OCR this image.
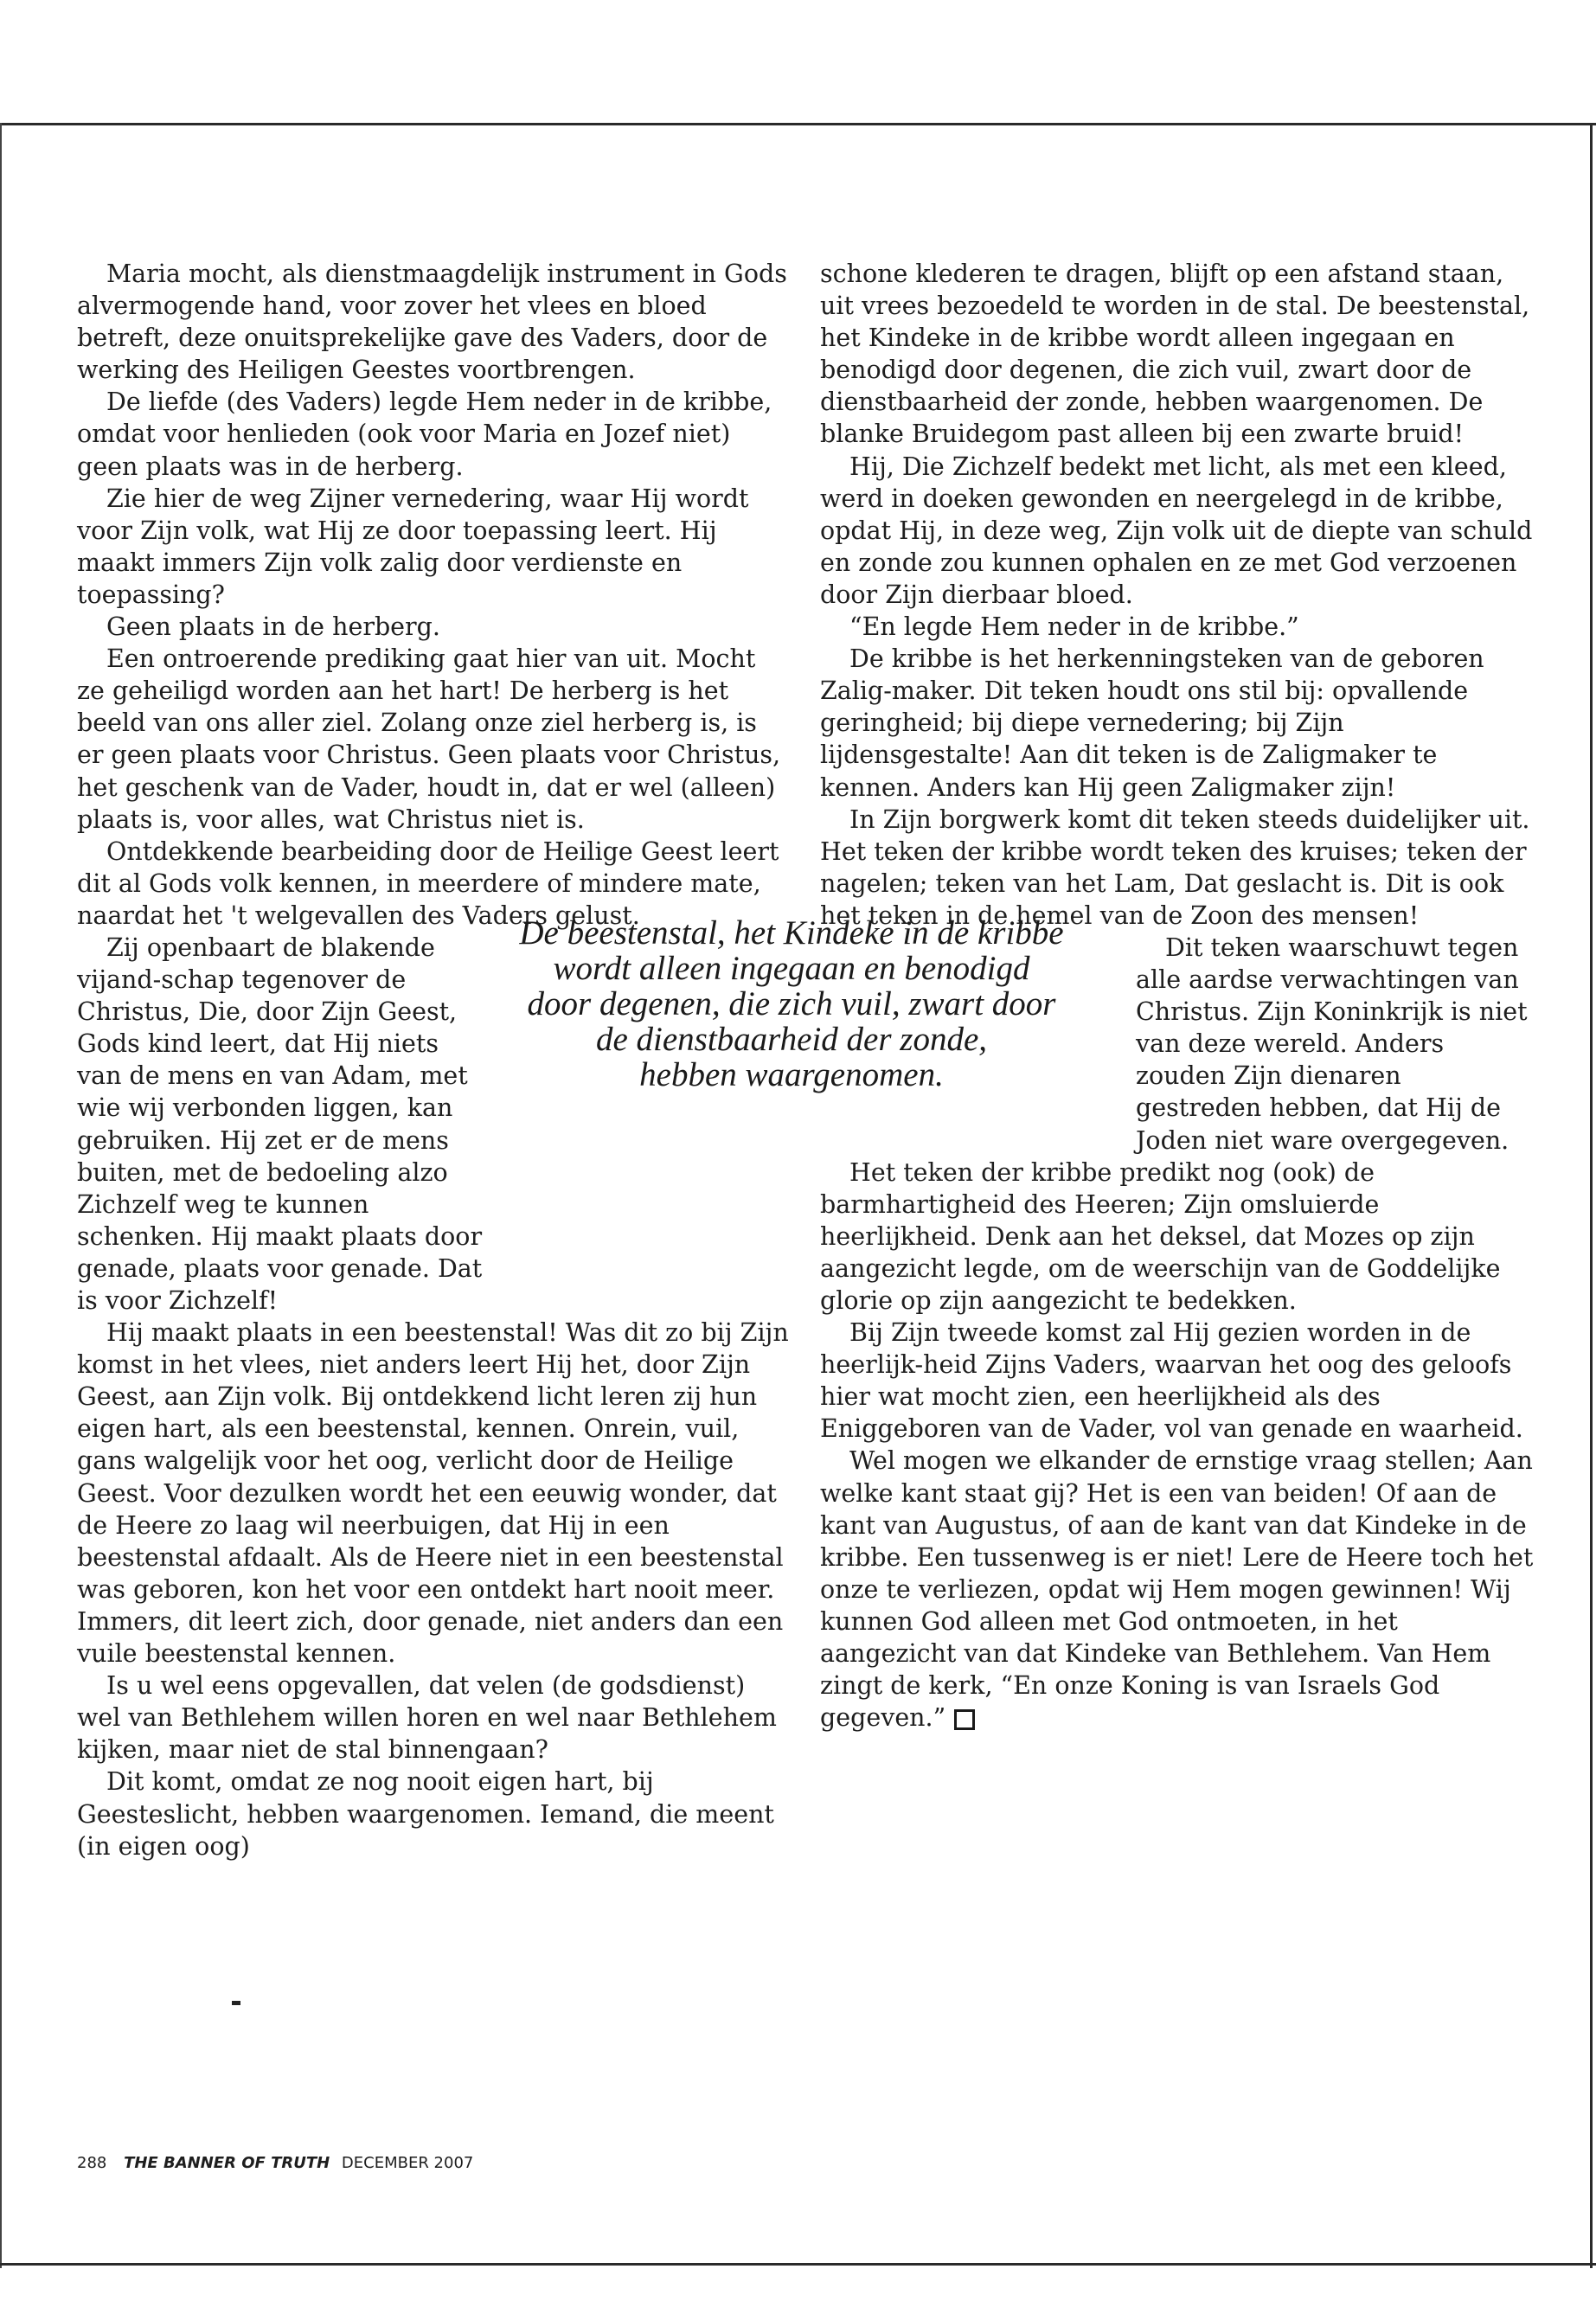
Maria mocht, als dienstmaagdelijk instrument in Gods alvermogende hand, voor zover het vlees en bloed betreft, deze onuitsprekelijke gave des Vaders, door de werking des Heiligen Geestes voortbrengen.

De liefde (des Vaders) legde Hem neder in de kribbe, omdat voor henlieden (ook voor Maria en Jozef niet) geen plaats was in de herberg.

Zie hier de weg Zijner vernedering, waar Hij wordt voor Zijn volk, wat Hij ze door toepassing leert. Hij maakt immers Zijn volk zalig door verdienste en toepassing?

Geen plaats in de herberg.

Een ontroerende prediking gaat hier van uit. Mocht ze geheiligd worden aan het hart! De herberg is het beeld van ons aller ziel. Zolang onze ziel herberg is, is er geen plaats voor Christus. Geen plaats voor Christus, het geschenk van de Vader, houdt in, dat er wel (alleen) plaats is, voor alles, wat Christus niet is.

Ontdekkende bearbeiding door de Heilige Geest leert dit al Gods volk kennen, in meerdere of mindere mate, naardat het 't welgevallen des Vaders gelust.

Zij openbaart de blakende vijand-schap tegenover de Christus, Die, door Zijn Geest, Gods kind leert, dat Hij niets van de mens en van Adam, met wie wij verbonden liggen, kan gebruiken. Hij zet er de mens buiten, met de bedoeling alzo Zichzelf weg te kunnen schenken. Hij maakt plaats door genade, plaats voor genade. Dat is voor Zichzelf!

Hij maakt plaats in een beestenstal! Was dit zo bij Zijn komst in het vlees, niet anders leert Hij het, door Zijn Geest, aan Zijn volk. Bij ontdekkend licht leren zij hun eigen hart, als een beestenstal, kennen. Onrein, vuil, gans walgelijk voor het oog, verlicht door de Heilige Geest. Voor dezulken wordt het een eeuwig wonder, dat de Heere zo laag wil neerbuigen, dat Hij in een beestenstal afdaalt. Als de Heere niet in een beestenstal was geboren, kon het voor een ontdekt hart nooit meer. Immers, dit leert zich, door genade, niet anders dan een vuile beestenstal kennen.

Is u wel eens opgevallen, dat velen (de godsdienst) wel van Bethlehem willen horen en wel naar Bethlehem kijken, maar niet de stal binnengaan?

Dit komt, omdat ze nog nooit eigen hart, bij Geesteslicht, hebben waargenomen. Iemand, die meent (in eigen oog)

schone klederen te dragen, blijft op een afstand staan, uit vrees bezoedeld te worden in de stal. De beestenstal, het Kindeke in de kribbe wordt alleen ingegaan en benodigd door degenen, die zich vuil, zwart door de dienstbaarheid der zonde, hebben waargenomen. De blanke Bruidegom past alleen bij een zwarte bruid!

Hij, Die Zichzelf bedekt met licht, als met een kleed, werd in doeken gewonden en neergelegd in de kribbe, opdat Hij, in deze weg, Zijn volk uit de diepte van schuld en zonde zou kunnen ophalen en ze met God verzoenen door Zijn dierbaar bloed.

“En legde Hem neder in de kribbe.”

De kribbe is het herkenningsteken van de geboren Zalig-maker. Dit teken houdt ons stil bij: opvallende geringheid; bij diepe vernedering; bij Zijn lijdensgestalte! Aan dit teken is de Zaligmaker te kennen. Anders kan Hij geen Zaligmaker zijn!

In Zijn borgwerk komt dit teken steeds duidelijker uit. Het teken der kribbe wordt teken des kruises; teken der nagelen; teken van het Lam, Dat geslacht is. Dit is ook het teken in de hemel van de Zoon des mensen!

Dit teken waarschuwt tegen alle aardse verwachtingen van Christus. Zijn Koninkrijk is niet van deze wereld. Anders zouden Zijn dienaren gestreden hebben, dat Hij de Joden niet ware overgegeven.

Het teken der kribbe predikt nog (ook) de barmhartigheid des Heeren; Zijn omsluierde heerlijkheid. Denk aan het deksel, dat Mozes op zijn aangezicht legde, om de weerschijn van de Goddelijke glorie op zijn aangezicht te bedekken.

Bij Zijn tweede komst zal Hij gezien worden in de heerlijk-heid Zijns Vaders, waarvan het oog des geloofs hier wat mocht zien, een heerlijkheid als des Eniggeboren van de Vader, vol van genade en waarheid.

Wel mogen we elkander de ernstige vraag stellen; Aan welke kant staat gij? Het is een van beiden! Of aan de kant van Augustus, of aan de kant van dat Kindeke in de kribbe. Een tussenweg is er niet! Lere de Heere toch het onze te verliezen, opdat wij Hem mogen gewinnen! Wij kunnen God alleen met God ontmoeten, in het aangezicht van dat Kindeke van Bethlehem. Van Hem zingt de kerk, “En onze Koning is van Israels God gegeven.”

De beestenstal, het Kindeke in de kribbe
wordt alleen ingegaan en benodigd
door degenen, die zich vuil, zwart door
de dienstbaarheid der zonde,
hebben waargenomen.
288 THE BANNER OF TRUTH DECEMBER 2007
